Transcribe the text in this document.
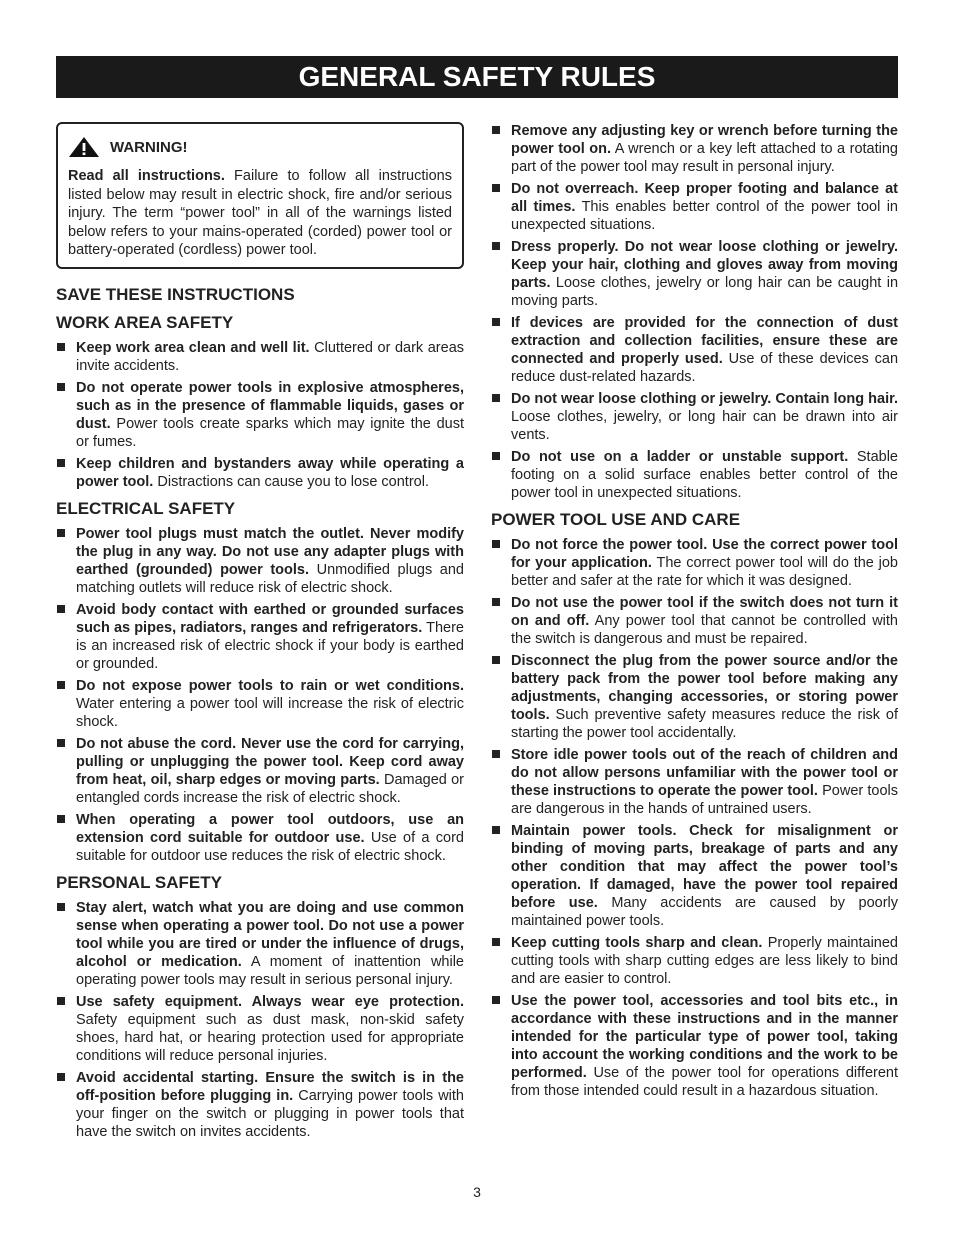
GENERAL SAFETY RULES
WARNING!
Read all instructions. Failure to follow all instructions listed below may result in electric shock, fire and/or serious injury. The term “power tool” in all of the warnings listed below refers to your mains-operated (corded) power tool or battery-operated (cordless) power tool.
SAVE THESE INSTRUCTIONS
WORK AREA SAFETY
Keep work area clean and well lit. Cluttered or dark areas invite accidents.
Do not operate power tools in explosive atmospheres, such as in the presence of flammable liquids, gases or dust. Power tools create sparks which may ignite the dust or fumes.
Keep children and bystanders away while operating a power tool. Distractions can cause you to lose control.
ELECTRICAL SAFETY
Power tool plugs must match the outlet. Never modify the plug in any way. Do not use any adapter plugs with earthed (grounded) power tools. Unmodified plugs and matching outlets will reduce risk of electric shock.
Avoid body contact with earthed or grounded surfaces such as pipes, radiators, ranges and refrigerators. There is an increased risk of electric shock if your body is earthed or grounded.
Do not expose power tools to rain or wet conditions. Water entering a power tool will increase the risk of electric shock.
Do not abuse the cord. Never use the cord for carrying, pulling or unplugging the power tool. Keep cord away from heat, oil, sharp edges or moving parts. Damaged or entangled cords increase the risk of electric shock.
When operating a power tool outdoors, use an extension cord suitable for outdoor use. Use of a cord suitable for outdoor use reduces the risk of electric shock.
PERSONAL SAFETY
Stay alert, watch what you are doing and use common sense when operating a power tool. Do not use a power tool while you are tired or under the influence of drugs, alcohol or medication. A moment of inattention while operating power tools may result in serious personal injury.
Use safety equipment. Always wear eye protection. Safety equipment such as dust mask, non-skid safety shoes, hard hat, or hearing protection used for appropriate conditions will reduce personal injuries.
Avoid accidental starting. Ensure the switch is in the off-position before plugging in. Carrying power tools with your finger on the switch or plugging in power tools that have the switch on invites accidents.
Remove any adjusting key or wrench before turning the power tool on. A wrench or a key left attached to a rotating part of the power tool may result in personal injury.
Do not overreach. Keep proper footing and balance at all times. This enables better control of the power tool in unexpected situations.
Dress properly. Do not wear loose clothing or jewelry. Keep your hair, clothing and gloves away from moving parts. Loose clothes, jewelry or long hair can be caught in moving parts.
If devices are provided for the connection of dust extraction and collection facilities, ensure these are connected and properly used. Use of these devices can reduce dust-related hazards.
Do not wear loose clothing or jewelry. Contain long hair. Loose clothes, jewelry, or long hair can be drawn into air vents.
Do not use on a ladder or unstable support. Stable footing on a solid surface enables better control of the power tool in unexpected situations.
POWER TOOL USE AND CARE
Do not force the power tool. Use the correct power tool for your application. The correct power tool will do the job better and safer at the rate for which it was designed.
Do not use the power tool if the switch does not turn it on and off. Any power tool that cannot be controlled with the switch is dangerous and must be repaired.
Disconnect the plug from the power source and/or the battery pack from the power tool before making any adjustments, changing accessories, or storing power tools. Such preventive safety measures reduce the risk of starting the power tool accidentally.
Store idle power tools out of the reach of children and do not allow persons unfamiliar with the power tool or these instructions to operate the power tool. Power tools are dangerous in the hands of untrained users.
Maintain power tools. Check for misalignment or binding of moving parts, breakage of parts and any other condition that may affect the power tool’s operation. If damaged, have the power tool repaired before use. Many accidents are caused by poorly maintained power tools.
Keep cutting tools sharp and clean. Properly maintained cutting tools with sharp cutting edges are less likely to bind and are easier to control.
Use the power tool, accessories and tool bits etc., in accordance with these instructions and in the manner intended for the particular type of power tool, taking into account the working conditions and the work to be performed. Use of the power tool for operations different from those intended could result in a hazardous situation.
3
